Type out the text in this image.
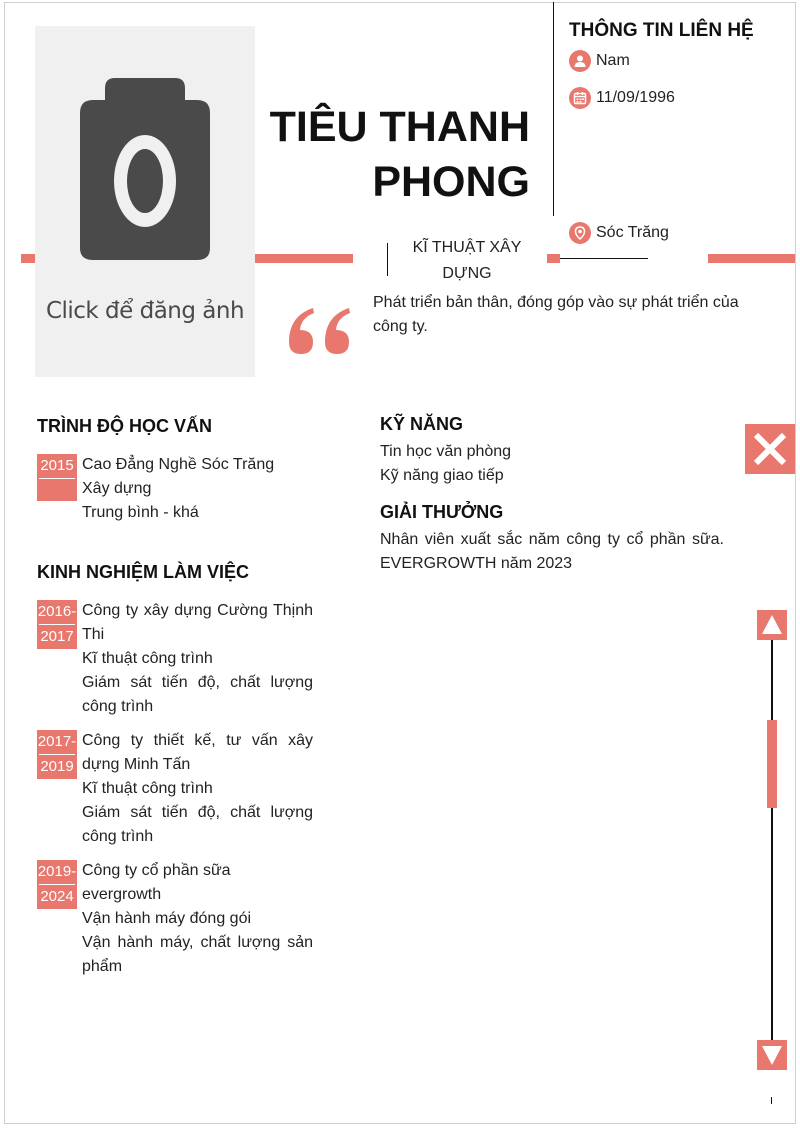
Click để đăng ảnh
TIÊU THANH
PHONG
KĨ THUẬT XÂY DỰNG
THÔNG TIN LIÊN HỆ
Nam
11/09/1996
Sóc Trăng
Phát triển bản thân, đóng góp vào sự phát triển của công ty.
TRÌNH ĐỘ HỌC VẤN
2015 Cao Đẳng Nghề Sóc Trăng
Xây dựng
Trung bình - khá
KINH NGHIỆM LÀM VIỆC
2016-
2017
Công ty xây dựng Cường Thịnh Thi
Kĩ thuật công trình
Giám sát tiến độ, chất lượng công trình
2017-
2019
Công ty thiết kế, tư vấn xây dựng Minh Tấn
Kĩ thuật công trình
Giám sát tiến độ, chất lượng công trình
2019-
2024
Công ty cổ phần sữa evergrowth
Vận hành máy đóng gói
Vận hành máy, chất lượng sản phẩm
KỸ NĂNG
Tin học văn phòng
Kỹ năng giao tiếp
GIẢI THƯỞNG
Nhân viên xuất sắc năm công ty cổ phần sữa.
EVERGROWTH năm 2023
